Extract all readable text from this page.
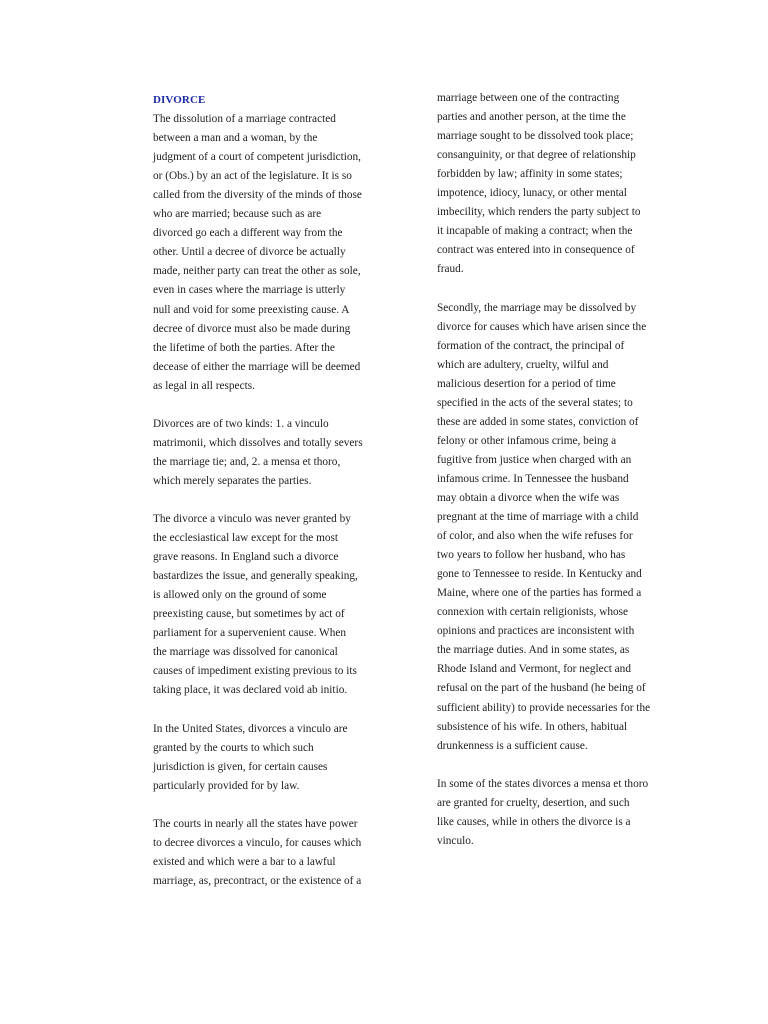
DIVORCE

The dissolution of a marriage contracted
between a man and a woman, by the
judgment of a court of competent jurisdiction,
or (Obs.) by an act of the legislature. It is so
called from the diversity of the minds of those
who are married; because such as are
divorced go each a different way from the
other. Until a decree of divorce be actually
made, neither party can treat the other as sole,
even in cases where the marriage is utterly
null and void for some preexisting cause. A
decree of divorce must also be made during
the lifetime of both the parties. After the
decease of either the marriage will be deemed
as legal in all respects.

Divorces are of two kinds: 1. a vinculo
matrimonii, which dissolves and totally severs
the marriage tie; and, 2. a mensa et thoro,
which merely separates the parties.

The divorce a vinculo was never granted by
the ecclesiastical law except for the most
grave reasons. In England such a divorce
bastardizes the issue, and generally speaking,
is allowed only on the ground of some
preexisting cause, but sometimes by act of
parliament for a supervenient cause. When
the marriage was dissolved for canonical
causes of impediment existing previous to its
taking place, it was declared void ab initio.

In the United States, divorces a vinculo are
granted by the courts to which such
jurisdiction is given, for certain causes
particularly provided for by law.

The courts in nearly all the states have power
to decree divorces a vinculo, for causes which
existed and which were a bar to a lawful
marriage, as, precontract, or the existence of a

marriage between one of the contracting
parties and another person, at the time the
marriage sought to be dissolved took place;
consanguinity, or that degree of relationship
forbidden by law; affinity in some states;
impotence, idiocy, lunacy, or other mental
imbecility, which renders the party subject to
it incapable of making a contract; when the
contract was entered into in consequence of
fraud.

Secondly, the marriage may be dissolved by
divorce for causes which have arisen since the
formation of the contract, the principal of
which are adultery, cruelty, wilful and
malicious desertion for a period of time
specified in the acts of the several states; to
these are added in some states, conviction of
felony or other infamous crime, being a
fugitive from justice when charged with an
infamous crime. In Tennessee the husband
may obtain a divorce when the wife was
pregnant at the time of marriage with a child
of color, and also when the wife refuses for
two years to follow her husband, who has
gone to Tennessee to reside. In Kentucky and
Maine, where one of the parties has formed a
connexion with certain religionists, whose
opinions and practices are inconsistent with
the marriage duties. And in some states, as
Rhode Island and Vermont, for neglect and
refusal on the part of the husband (he being of
sufficient ability) to provide necessaries for the
subsistence of his wife. In others, habitual
drunkenness is a sufficient cause.

In some of the states divorces a mensa et thoro
are granted for cruelty, desertion, and such
like causes, while in others the divorce is a
vinculo.
